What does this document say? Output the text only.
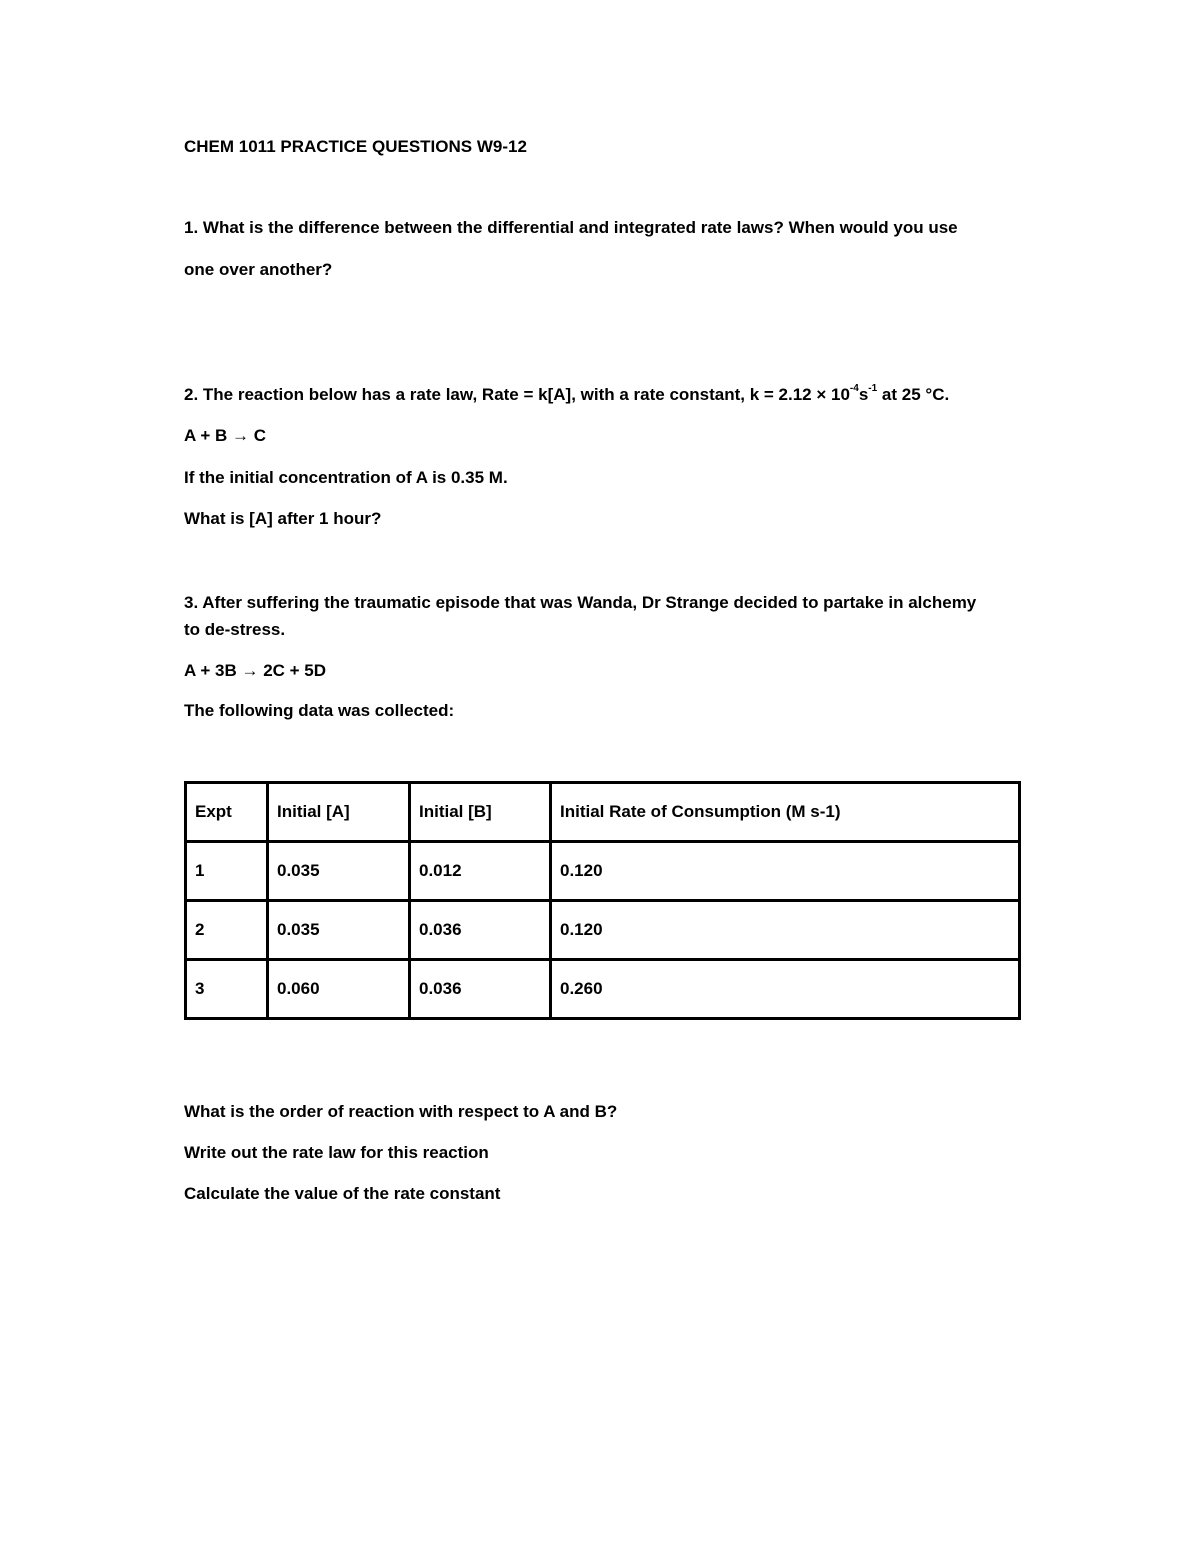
CHEM 1011 PRACTICE QUESTIONS W9-12
1. What is the difference between the differential and integrated rate laws? When would you use
one over another?
2. The reaction below has a rate law, Rate = k[A], with a rate constant, $k = 2.12 \times 10^{-4}s^{-1}$ at 25 °C.
A + B → C
If the initial concentration of A is 0.35 M.
What is [A] after 1 hour?
3. After suffering the traumatic episode that was Wanda, Dr Strange decided to partake in alchemy
to de-stress.
A + 3B → 2C + 5D
The following data was collected:
Expt	Initial [A]	Initial [B]	Initial Rate of Consumption (M s-1)
1	0.035	0.012	0.120
2	0.035	0.036	0.120
3	0.060	0.036	0.260
What is the order of reaction with respect to A and B?
Write out the rate law for this reaction
Calculate the value of the rate constant
